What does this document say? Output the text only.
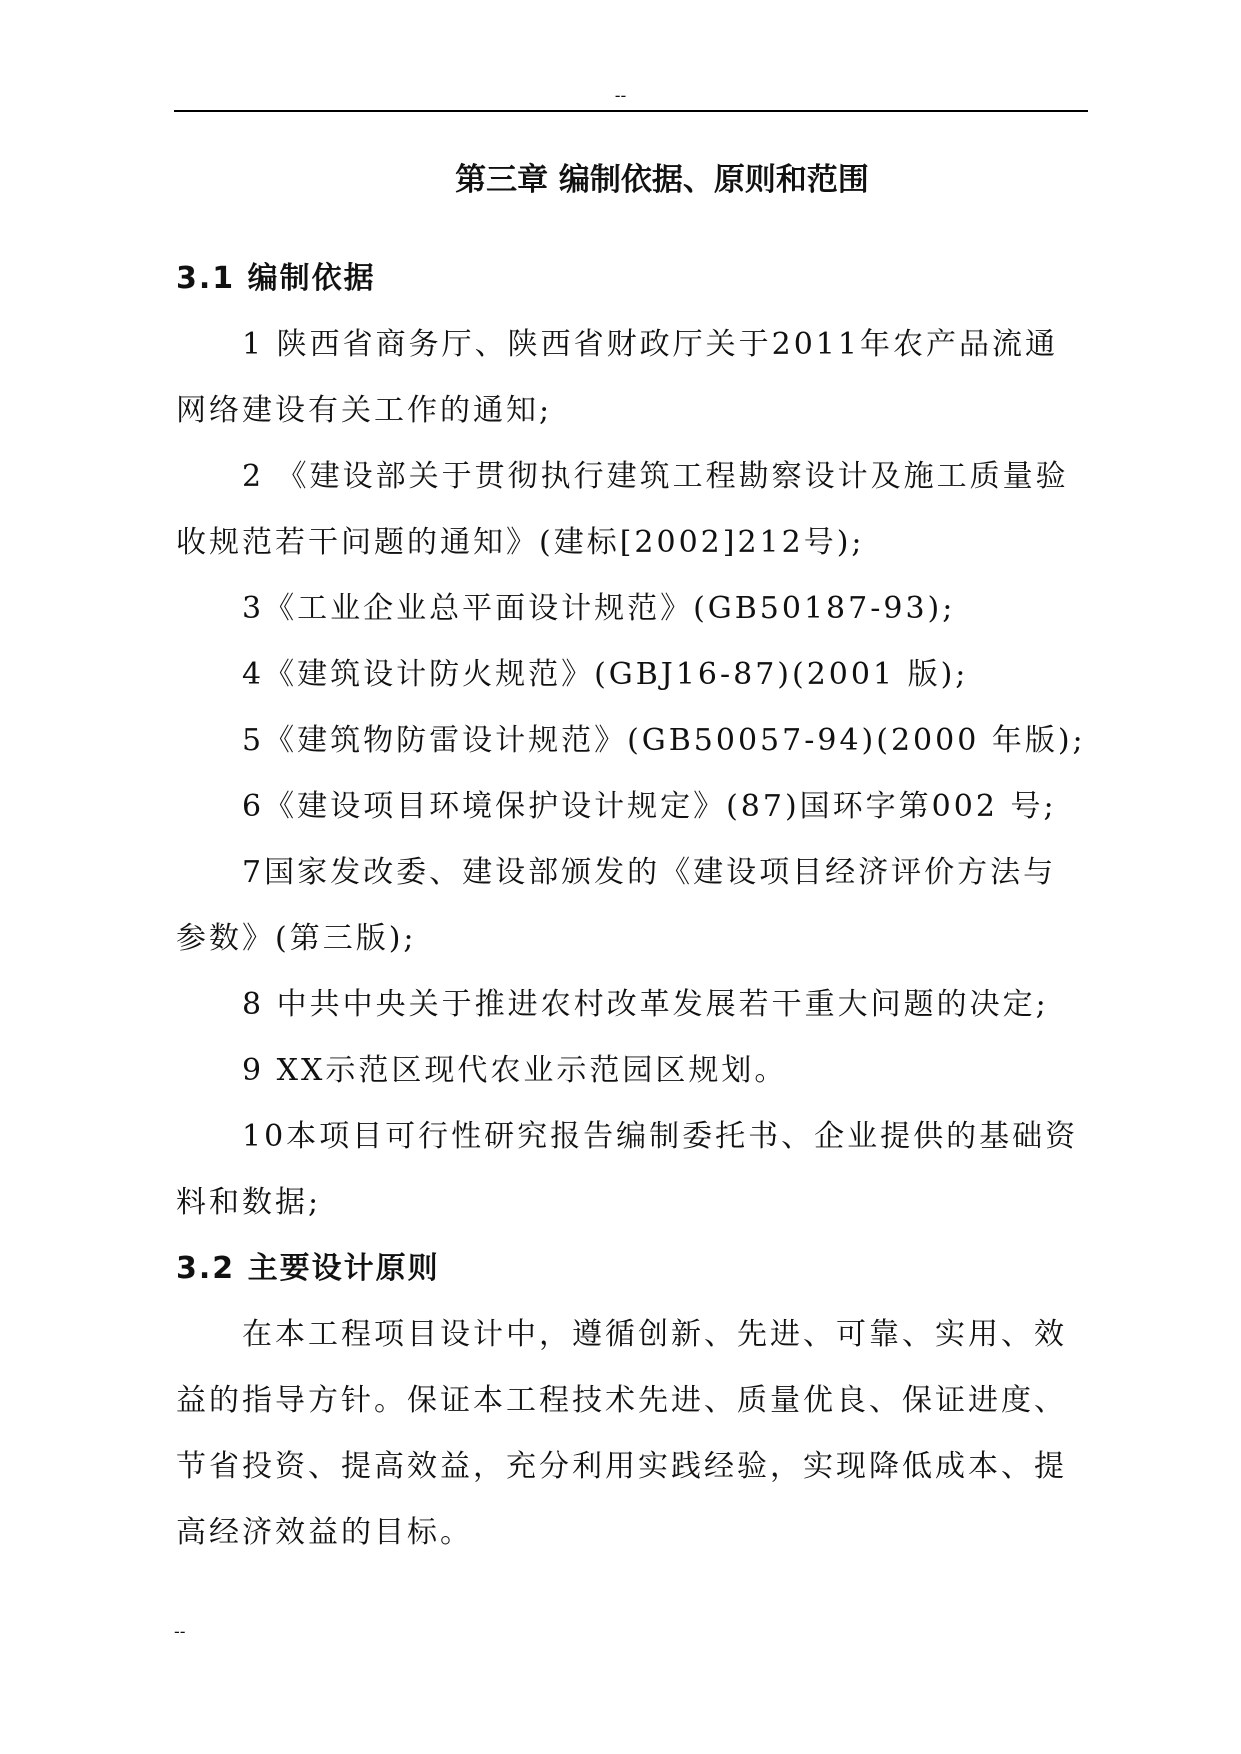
--
第三章 编制依据、原则和范围

3.1 编制依据

1 陕西省商务厅、陕西省财政厅关于2011年农产品流通网络建设有关工作的通知;

2 《建设部关于贯彻执行建筑工程勘察设计及施工质量验收规范若干问题的通知》(建标[2002]212号);

3《工业企业总平面设计规范》(GB50187-93);

4《建筑设计防火规范》(GBJ16-87)(2001 版);

5《建筑物防雷设计规范》(GB50057-94)(2000 年版);

6《建设项目环境保护设计规定》(87)国环字第002 号;

7国家发改委、建设部颁发的《建设项目经济评价方法与参数》(第三版);

8 中共中央关于推进农村改革发展若干重大问题的决定;

9 XX示范区现代农业示范园区规划。

10本项目可行性研究报告编制委托书、企业提供的基础资料和数据;

3.2 主要设计原则

在本工程项目设计中，遵循创新、先进、可靠、实用、效益的指导方针。保证本工程技术先进、质量优良、保证进度、节省投资、提高效益，充分利用实践经验，实现降低成本、提高经济效益的目标。

--
